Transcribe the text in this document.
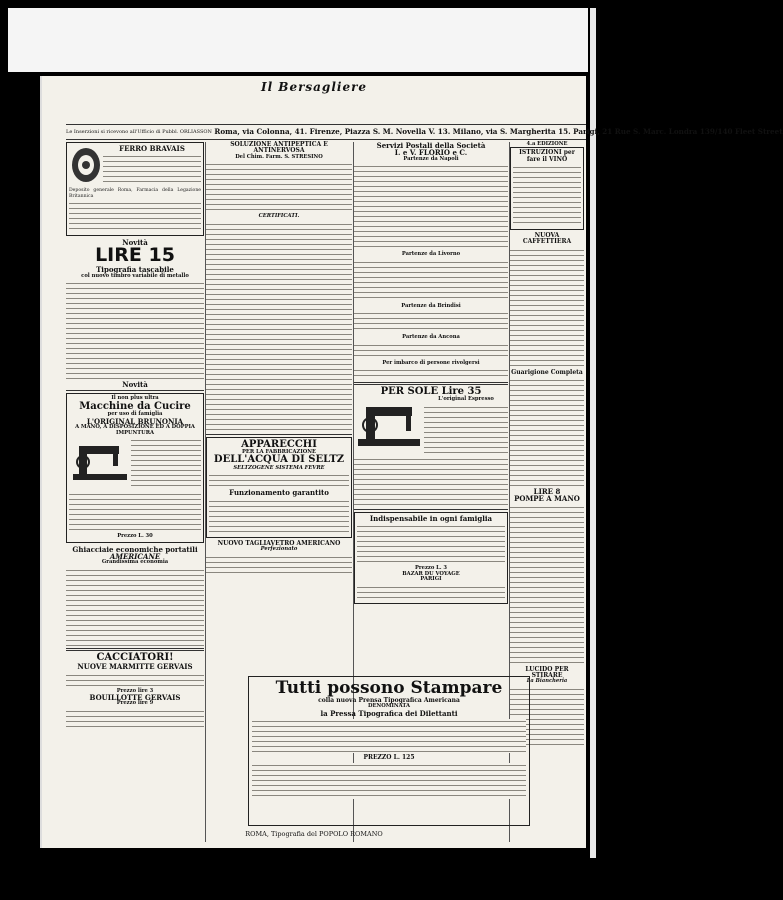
Il Bersagliere
$^{Le Inserzioni si ricevono all'Ufficio di Pubbl. ORLIASSON}$ Roma, via Colonna, 41. Firenze, Piazza S. M. Novella V. 13. Milano, via S. Margherita 15. Parigi, 21 Rue S. Marc. Londra 139/140 Fleet Street
FERRO BRAVAIS
Deposito generale Roma, Farmacia della Legazione Britannica
Novità
LIRE 15
Tipografia tascabile
col nuovo timbro variabile di metallo
Novità
Il non plus ultra
Macchine da Cucire
per uso di famiglia
L'ORIGINAL BRUNONIA
A MANO, A DISPOSIZIONE ED A DOPPIA IMPUNTURA
Prezzo L. 30
Ghiacciaie economiche portatili
AMERICANE
Grandissima economia
CACCIATORI!
NUOVE MARMITTE GERVAIS
Prezzo lire 3
BOUILLOTTE GERVAIS
Prezzo lire 9
SOLUZIONE ANTIPEPTICA E ANTINERVOSA
Del Chim. Farm. S. STRESINO
CERTIFICATI.
APPARECCHI
PER LA FABBRICAZIONE
DELL'ACQUA DI SELTZ
SELTZOGENE SISTEMA FEVRE
Funzionamento garantito
NUOVO TAGLIAVETRO AMERICANO
Perfezionato
Servizi Postali della Società
I. e V. FLORIO e C.
Partenze da Napoli
Partenze da Livorno
Partenze da Brindisi
Partenze da Ancona
Per imbarco di persone rivolgersi
PER SOLE Lire 35
L'original Espresso
Indispensabile in ogni famiglia
Prezzo L. 3
BAZAR DU VOYAGE
PARIGI
4.a EDIZIONE
ISTRUZIONI per fare il VINO
NUOVA CAFFETTIERA
Guarigione Completa
LIRE 8
POMPE A MANO
LUCIDO PER STIRARE
La Biancheria
Tutti possono Stampare
colla nuova Prensa Tipografica Americana
DENOMINATA
la Pressa Tipografica dei Dilettanti
PREZZO L. 125
ROMA, Tipografia del POPOLO ROMANO
